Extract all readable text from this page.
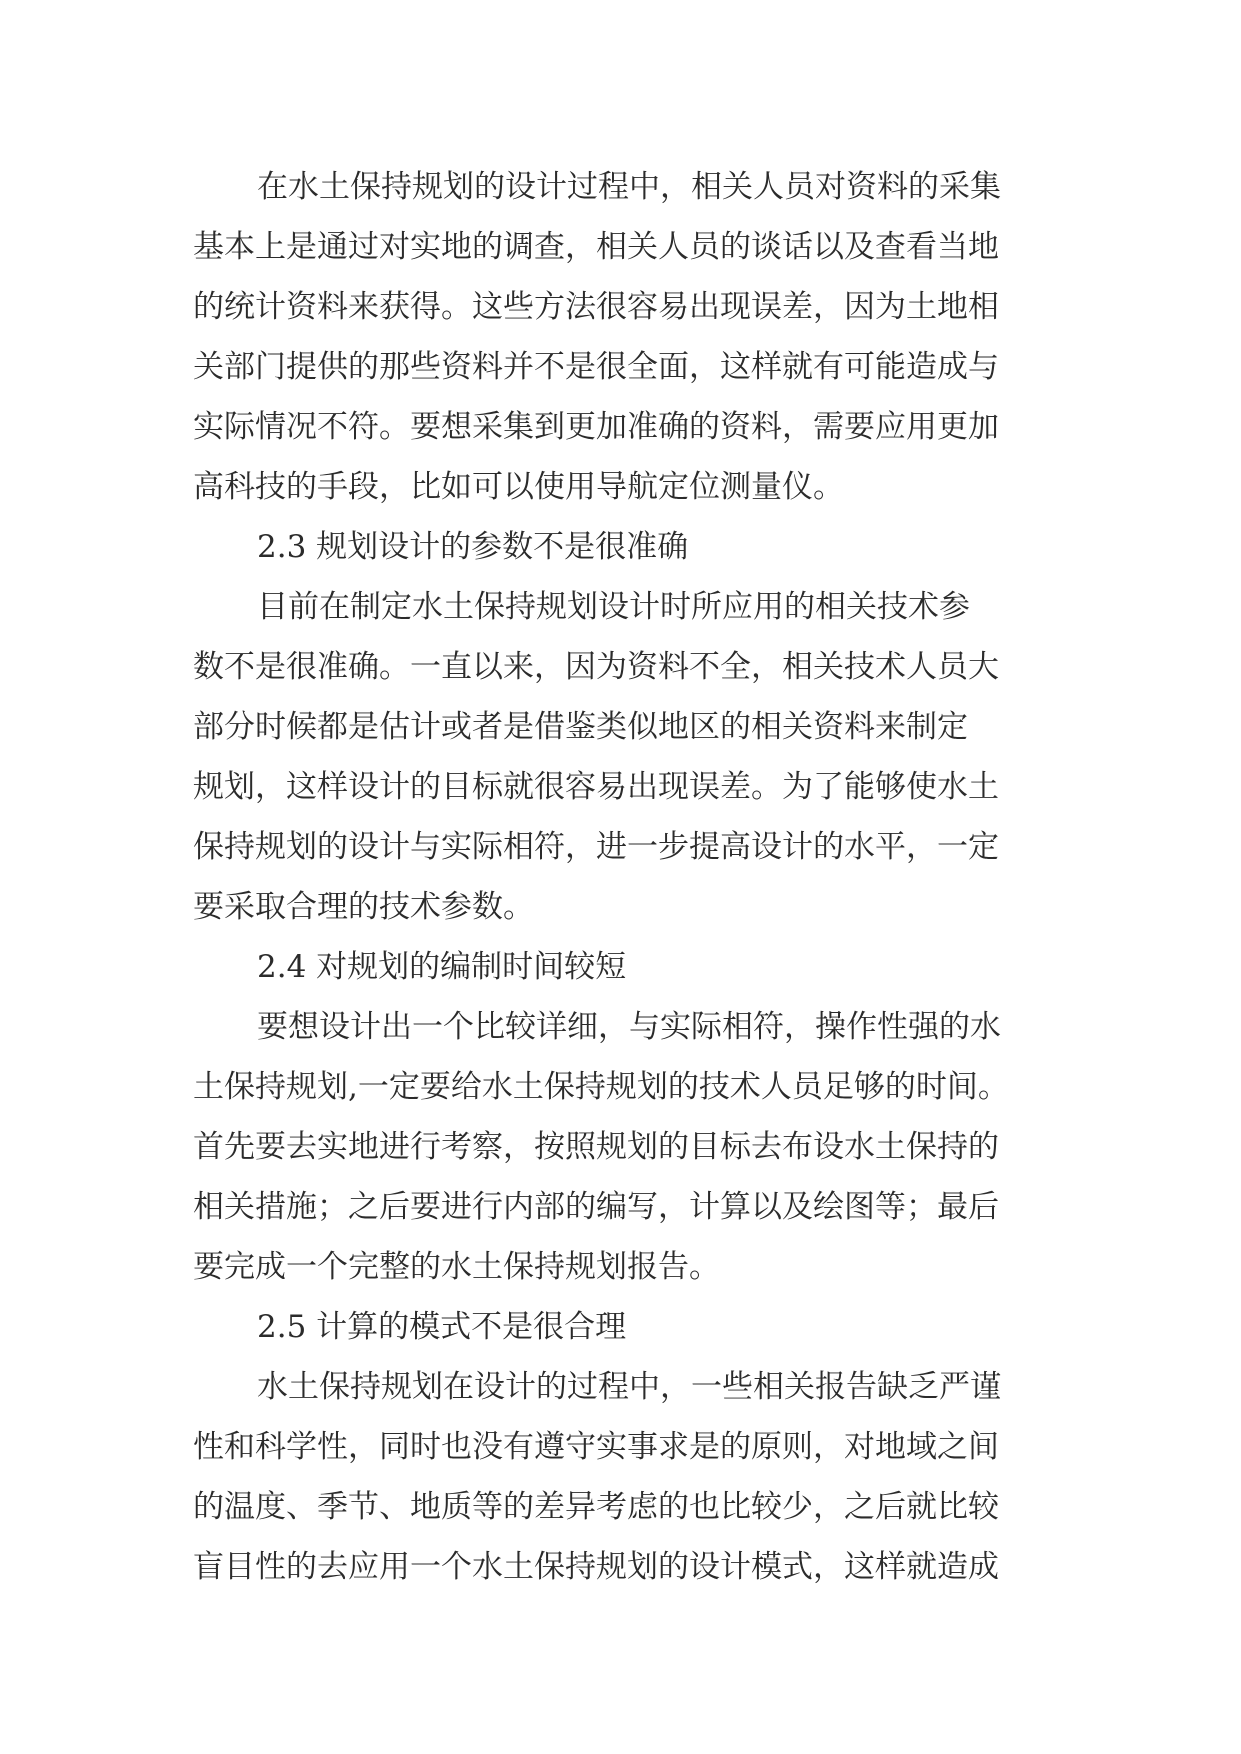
在水土保持规划的设计过程中，相关人员对资料的采集

基本上是通过对实地的调查，相关人员的谈话以及查看当地

的统计资料来获得。这些方法很容易出现误差，因为土地相

关部门提供的那些资料并不是很全面，这样就有可能造成与

实际情况不符。要想采集到更加准确的资料，需要应用更加

高科技的手段，比如可以使用导航定位测量仪。

2.3 规划设计的参数不是很准确

目前在制定水土保持规划设计时所应用的相关技术参

数不是很准确。一直以来，因为资料不全，相关技术人员大

部分时候都是估计或者是借鉴类似地区的相关资料来制定

规划，这样设计的目标就很容易出现误差。为了能够使水土

保持规划的设计与实际相符，进一步提高设计的水平，一定

要采取合理的技术参数。

2.4 对规划的编制时间较短

要想设计出一个比较详细，与实际相符，操作性强的水

土保持规划,一定要给水土保持规划的技术人员足够的时间。

首先要去实地进行考察，按照规划的目标去布设水土保持的

相关措施；之后要进行内部的编写，计算以及绘图等；最后

要完成一个完整的水土保持规划报告。

2.5 计算的模式不是很合理

水土保持规划在设计的过程中，一些相关报告缺乏严谨

性和科学性，同时也没有遵守实事求是的原则，对地域之间

的温度、季节、地质等的差异考虑的也比较少，之后就比较

盲目性的去应用一个水土保持规划的设计模式，这样就造成
